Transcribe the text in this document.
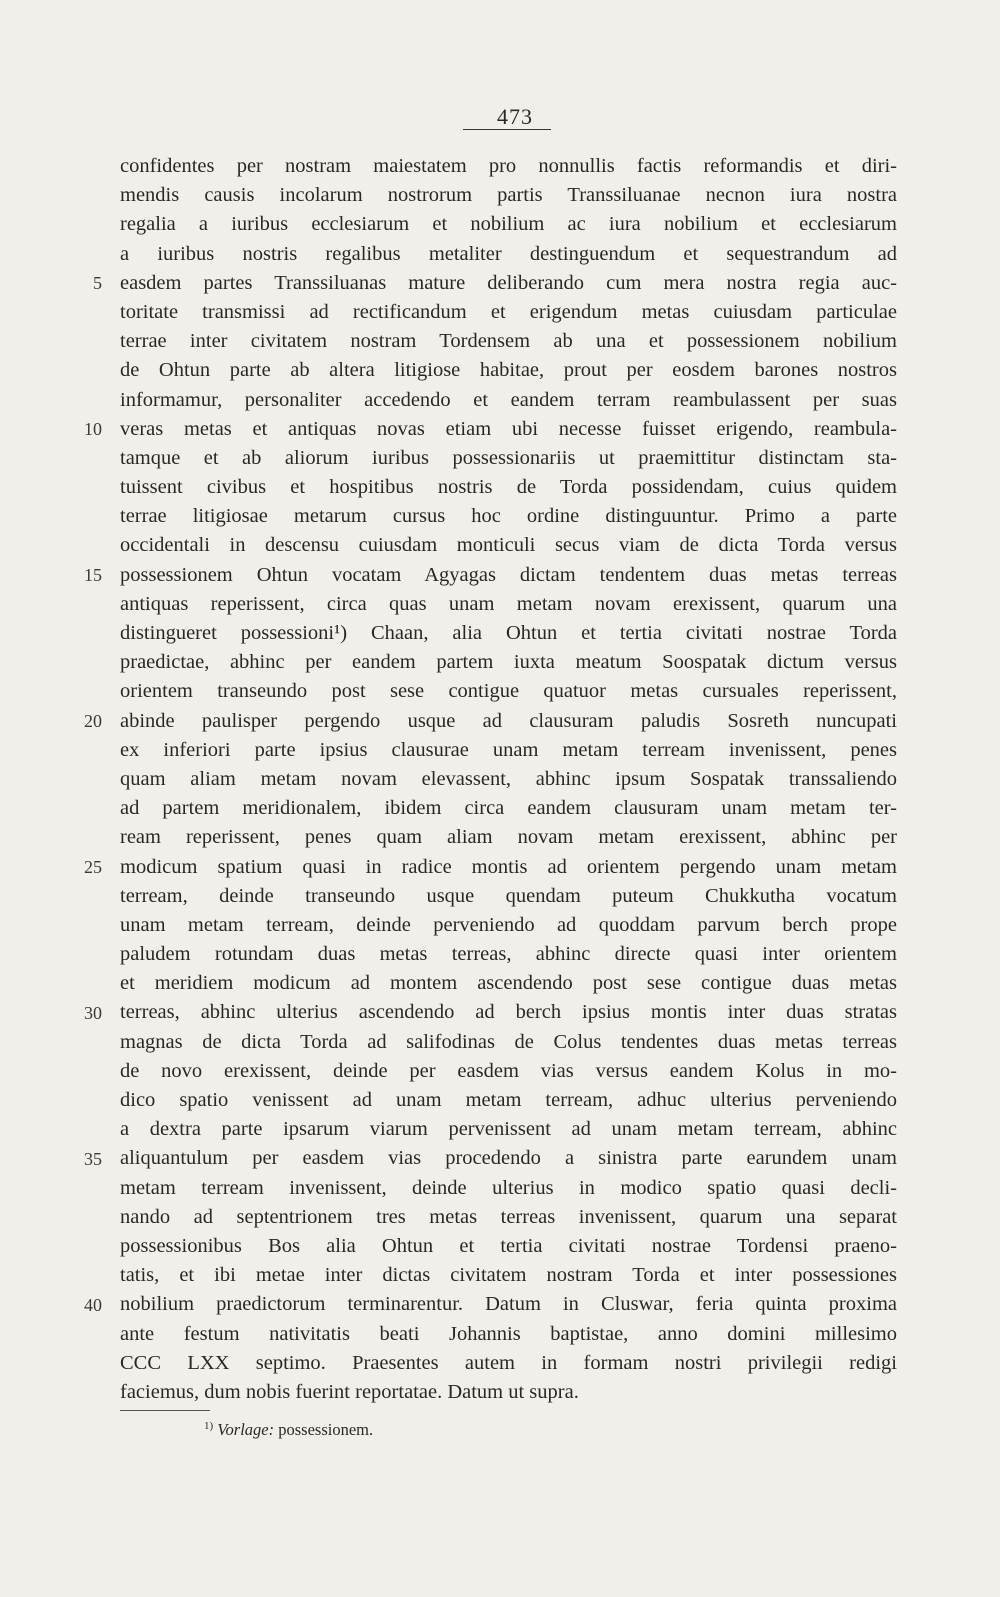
473
confidentes per nostram maiestatem pro nonnullis factis reformandis et diri-
mendis causis incolarum nostrorum partis Transsiluanae necnon iura nostra
regalia a iuribus ecclesiarum et nobilium ac iura nobilium et ecclesiarum
a iuribus nostris regalibus metaliter destinguendum et sequestrandum ad
easdem partes Transsiluanas mature deliberando cum mera nostra regia auc-
toritate transmissi ad rectificandum et erigendum metas cuiusdam particulae
terrae inter civitatem nostram Tordensem ab una et possessionem nobilium
de Ohtun parte ab altera litigiose habitae, prout per eosdem barones nostros
informamur, personaliter accedendo et eandem terram reambulassent per suas
veras metas et antiquas novas etiam ubi necesse fuisset erigendo, reambula-
tamque et ab aliorum iuribus possessionariis ut praemittitur distinctam sta-
tuissent civibus et hospitibus nostris de Torda possidendam, cuius quidem
terrae litigiosae metarum cursus hoc ordine distinguuntur. Primo a parte
occidentali in descensu cuiusdam monticuli secus viam de dicta Torda versus
possessionem Ohtun vocatam Agyagas dictam tendentem duas metas terreas
antiquas reperissent, circa quas unam metam novam erexissent, quarum una
distingueret possessioni¹) Chaan, alia Ohtun et tertia civitati nostrae Torda
praedictae, abhinc per eandem partem iuxta meatum Soospatak dictum versus
orientem transeundo post sese contigue quatuor metas cursuales reperissent,
abinde paulisper pergendo usque ad clausuram paludis Sosreth nuncupati
ex inferiori parte ipsius clausurae unam metam terream invenissent, penes
quam aliam metam novam elevassent, abhinc ipsum Sospatak transsaliendo
ad partem meridionalem, ibidem circa eandem clausuram unam metam ter-
ream reperissent, penes quam aliam novam metam erexissent, abhinc per
modicum spatium quasi in radice montis ad orientem pergendo unam metam
terream, deinde transeundo usque quendam puteum Chukkutha vocatum
unam metam terream, deinde perveniendo ad quoddam parvum berch prope
paludem rotundam duas metas terreas, abhinc directe quasi inter orientem
et meridiem modicum ad montem ascendendo post sese contigue duas metas
terreas, abhinc ulterius ascendendo ad berch ipsius montis inter duas stratas
magnas de dicta Torda ad salifodinas de Colus tendentes duas metas terreas
de novo erexissent, deinde per easdem vias versus eandem Kolus in mo-
dico spatio venissent ad unam metam terream, adhuc ulterius perveniendo
a dextra parte ipsarum viarum pervenissent ad unam metam terream, abhinc
aliquantulum per easdem vias procedendo a sinistra parte earundem unam
metam terream invenissent, deinde ulterius in modico spatio quasi decli-
nando ad septentrionem tres metas terreas invenissent, quarum una separat
possessionibus Bos alia Ohtun et tertia civitati nostrae Tordensi praeno-
tatis, et ibi metae inter dictas civitatem nostram Torda et inter possessiones
nobilium praedictorum terminarentur. Datum in Cluswar, feria quinta proxima
ante festum nativitatis beati Johannis baptistae, anno domini millesimo
CCC LXX septimo. Praesentes autem in formam nostri privilegii redigi
faciemus, dum nobis fuerint reportatae. Datum ut supra.
5
10
15
20
25
30
35
40
$^{1)}$ Vorlage: possessionem.
